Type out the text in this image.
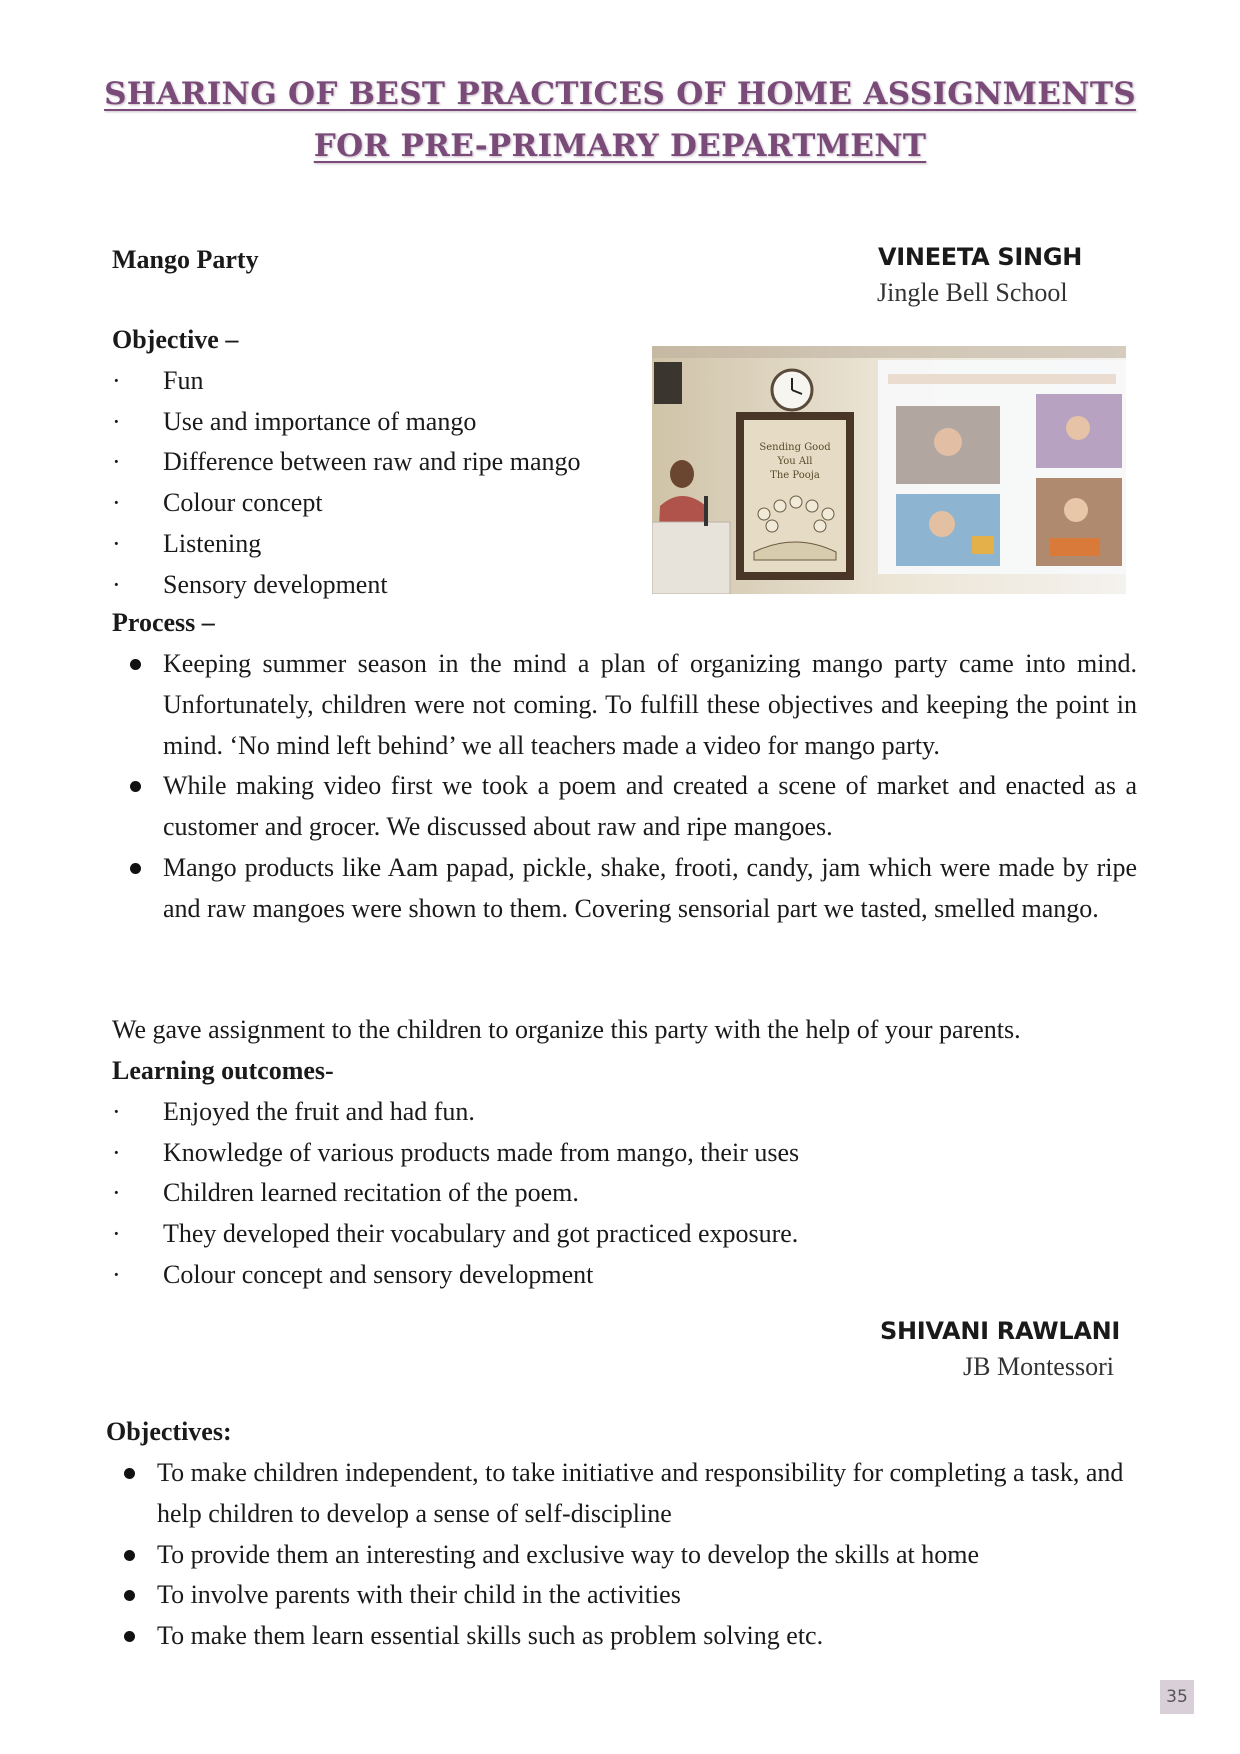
SHARING OF BEST PRACTICES OF HOME ASSIGNMENTS
FOR PRE-PRIMARY DEPARTMENT
Mango Party	VINEETA SINGH
Jingle Bell School
Objective –
· Fun
· Use and importance of mango
· Difference between raw and ripe mango
· Colour concept
· Listening
· Sensory development
Sending Good
You All
The Pooja
Process –
Keeping summer season in the mind a plan of organizing mango party came into mind. Unfortunately, children were not coming. To fulfill these objectives and keeping the point in mind. ‘No mind left behind’ we all teachers made a video for mango party.
While making video first we took a poem and created a scene of market and enacted as a customer and grocer. We discussed about raw and ripe mangoes.
Mango products like Aam papad, pickle, shake, frooti, candy, jam which were made by ripe and raw mangoes were shown to them. Covering sensorial part we tasted, smelled mango.
We gave assignment to the children to organize this party with the help of your parents.
Learning outcomes-
· Enjoyed the fruit and had fun.
· Knowledge of various products made from mango, their uses
· Children learned recitation of the poem.
· They developed their vocabulary and got practiced exposure.
· Colour concept and sensory development
SHIVANI RAWLANI
JB Montessori
Objectives:
To make children independent, to take initiative and responsibility for completing a task, and help children to develop a sense of self-discipline
To provide them an interesting and exclusive way to develop the skills at home
To involve parents with their child in the activities
To make them learn essential skills such as problem solving etc.
35
